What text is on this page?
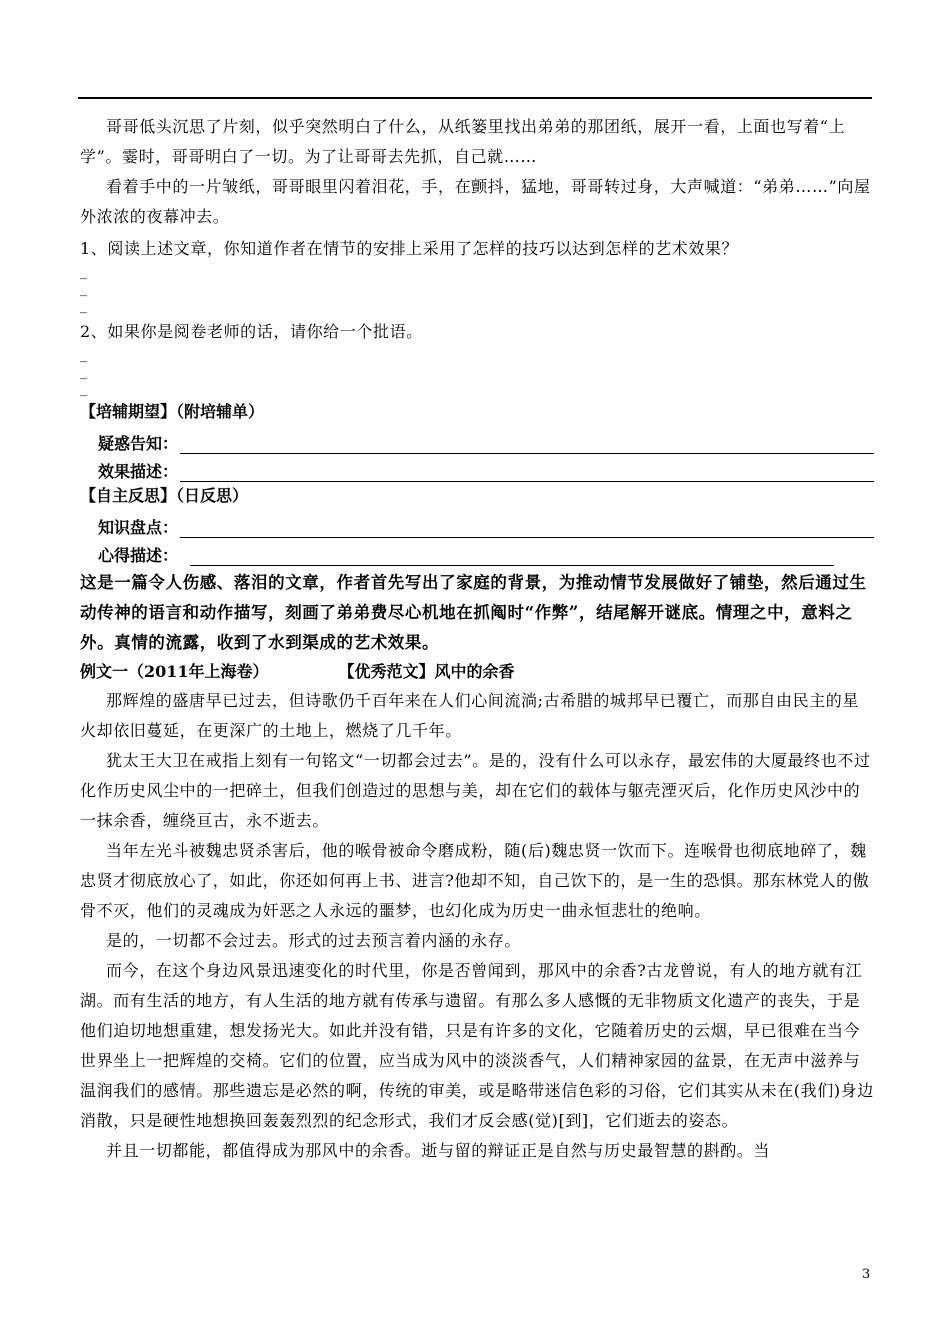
哥哥低头沉思了片刻，似乎突然明白了什么，从纸篓里找出弟弟的那团纸，展开一看，上面也写着“上学”。霎时，哥哥明白了一切。为了让哥哥去先抓，自己就……

看着手中的一片皱纸，哥哥眼里闪着泪花，手，在颤抖，猛地，哥哥转过身，大声喊道：“弟弟……”向屋外浓浓的夜幕冲去。

1、阅读上述文章，你知道作者在情节的安排上采用了怎样的技巧以达到怎样的艺术效果？

_

_

_

2、如果你是阅卷老师的话，请你给一个批语。

_

_

_

【培辅期望】（附培辅单）
疑惑告知：
效果描述：
【自主反思】（日反思）
知识盘点：
心得描述：

这是一篇令人伤感、落泪的文章，作者首先写出了家庭的背景，为推动情节发展做好了铺垫，然后通过生动传神的语言和动作描写，刻画了弟弟费尽心机地在抓阄时“作弊”，结尾解开谜底。情理之中，意料之外。真情的流露，收到了水到渠成的艺术效果。

例文一（2011年上海卷）	【优秀范文】风中的余香

那辉煌的盛唐早已过去，但诗歌仍千百年来在人们心间流淌;古希腊的城邦早已覆亡，而那自由民主的星火却依旧蔓延，在更深广的土地上，燃烧了几千年。

犹太王大卫在戒指上刻有一句铭文“一切都会过去”。是的，没有什么可以永存，最宏伟的大厦最终也不过化作历史风尘中的一把碎土，但我们创造过的思想与美，却在它们的载体与躯壳湮灭后，化作历史风沙中的一抹余香，缠绕亘古，永不逝去。

当年左光斗被魏忠贤杀害后，他的喉骨被命令磨成粉，随(后)魏忠贤一饮而下。连喉骨也彻底地碎了，魏忠贤才彻底放心了，如此，你还如何再上书、进言?他却不知，自己饮下的，是一生的恐惧。那东林党人的傲骨不灭，他们的灵魂成为奸恶之人永远的噩梦，也幻化成为历史一曲永恒悲壮的绝响。

是的，一切都不会过去。形式的过去预言着内涵的永存。

而今，在这个身边风景迅速变化的时代里，你是否曾闻到，那风中的余香?古龙曾说，有人的地方就有江湖。而有生活的地方，有人生活的地方就有传承与遗留。有那么多人感慨的无非物质文化遗产的丧失，于是他们迫切地想重建，想发扬光大。如此并没有错，只是有许多的文化，它随着历史的云烟，早已很难在当今世界坐上一把辉煌的交椅。它们的位置，应当成为风中的淡淡香气，人们精神家园的盆景，在无声中滋养与温润我们的感情。那些遗忘是必然的啊，传统的审美，或是略带迷信色彩的习俗，它们其实从未在(我们)身边消散，只是硬性地想换回轰轰烈烈的纪念形式，我们才反会感(觉)[到]，它们逝去的姿态。

并且一切都能，都值得成为那风中的余香。逝与留的辩证正是自然与历史最智慧的斟酌。当

3
